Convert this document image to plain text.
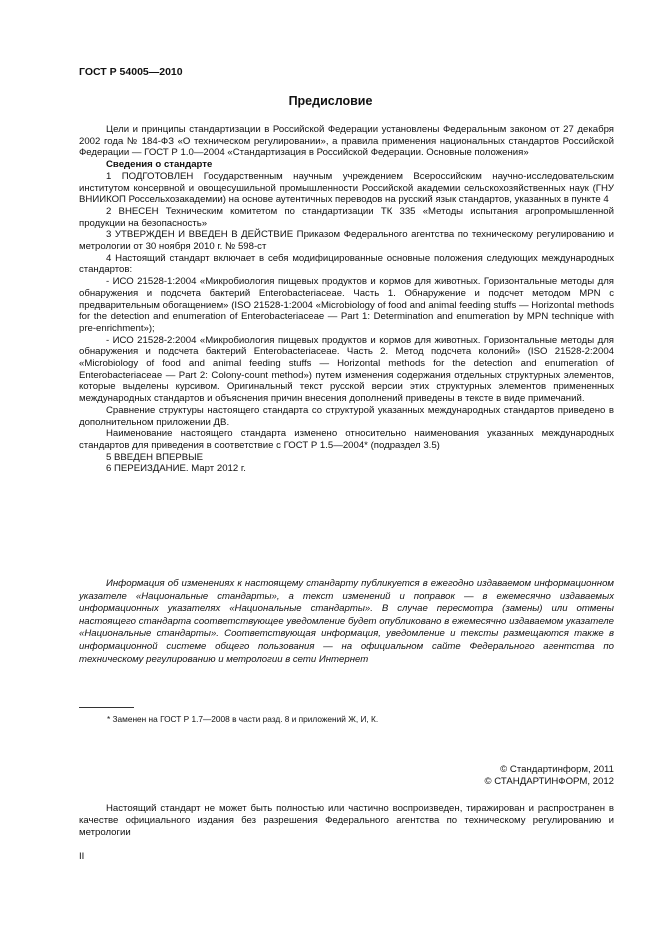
ГОСТ Р 54005—2010
Предисловие

Цели и принципы стандартизации в Российской Федерации установлены Федеральным законом от 27 декабря 2002 года № 184-ФЗ «О техническом регулировании», а правила применения национальных стандартов Российской Федерации — ГОСТ Р 1.0—2004 «Стандартизация в Российской Федерации. Основные положения»

Сведения о стандарте

1 ПОДГОТОВЛЕН Государственным научным учреждением Всероссийским научно-исследовательским институтом консервной и овощесушильной промышленности Российской академии сельскохозяйственных наук (ГНУ ВНИИКОП Россельхозакадемии) на основе аутентичных переводов на русский язык стандартов, указанных в пункте 4

2 ВНЕСЕН Техническим комитетом по стандартизации ТК 335 «Методы испытания агропромышленной продукции на безопасность»

3 УТВЕРЖДЕН И ВВЕДЕН В ДЕЙСТВИЕ Приказом Федерального агентства по техническому регулированию и метрологии от 30 ноября 2010 г. № 598-ст

4 Настоящий стандарт включает в себя модифицированные основные положения следующих международных стандартов:

- ИСО 21528-1:2004 «Микробиология пищевых продуктов и кормов для животных. Горизонтальные методы для обнаружения и подсчета бактерий Enterobacteriaceae. Часть 1. Обнаружение и подсчет методом MPN с предварительным обогащением» (ISO 21528-1:2004 «Microbiology of food and animal feeding stuffs — Horizontal methods for the detection and enumeration of Enterobacteriaceae — Part 1: Determination and enumeration by MPN technique with pre-enrichment»);

- ИСО 21528-2:2004 «Микробиология пищевых продуктов и кормов для животных. Горизонтальные методы для обнаружения и подсчета бактерий Enterobacteriaceae. Часть 2. Метод подсчета колоний» (ISO 21528-2:2004 «Microbiology of food and animal feeding stuffs — Horizontal methods for the detection and enumeration of Enterobacteriaceae — Part 2: Colony-count method») путем изменения содержания отдельных структурных элементов, которые выделены курсивом. Оригинальный текст русской версии этих структурных элементов примененных международных стандартов и объяснения причин внесения дополнений приведены в тексте в виде примечаний.

Сравнение структуры настоящего стандарта со структурой указанных международных стандартов приведено в дополнительном приложении ДВ.

Наименование настоящего стандарта изменено относительно наименования указанных международных стандартов для приведения в соответствие с ГОСТ Р 1.5—2004* (подраздел 3.5)

5 ВВЕДЕН ВПЕРВЫЕ

6 ПЕРЕИЗДАНИЕ. Март 2012 г.

Информация об изменениях к настоящему стандарту публикуется в ежегодно издаваемом информационном указателе «Национальные стандарты», а текст изменений и поправок — в ежемесячно издаваемых информационных указателях «Национальные стандарты». В случае пересмотра (замены) или отмены настоящего стандарта соответствующее уведомление будет опубликовано в ежемесячно издаваемом указателе «Национальные стандарты». Соответствующая информация, уведомление и тексты размещаются также в информационной системе общего пользования — на официальном сайте Федерального агентства по техническому регулированию и метрологии в сети Интернет

* Заменен на ГОСТ Р 1.7—2008 в части разд. 8 и приложений Ж, И, К.
© Стандартинформ, 2011
© СТАНДАРТИНФОРМ, 2012

Настоящий стандарт не может быть полностью или частично воспроизведен, тиражирован и распространен в качестве официального издания без разрешения Федерального агентства по техническому регулированию и метрологии

II
